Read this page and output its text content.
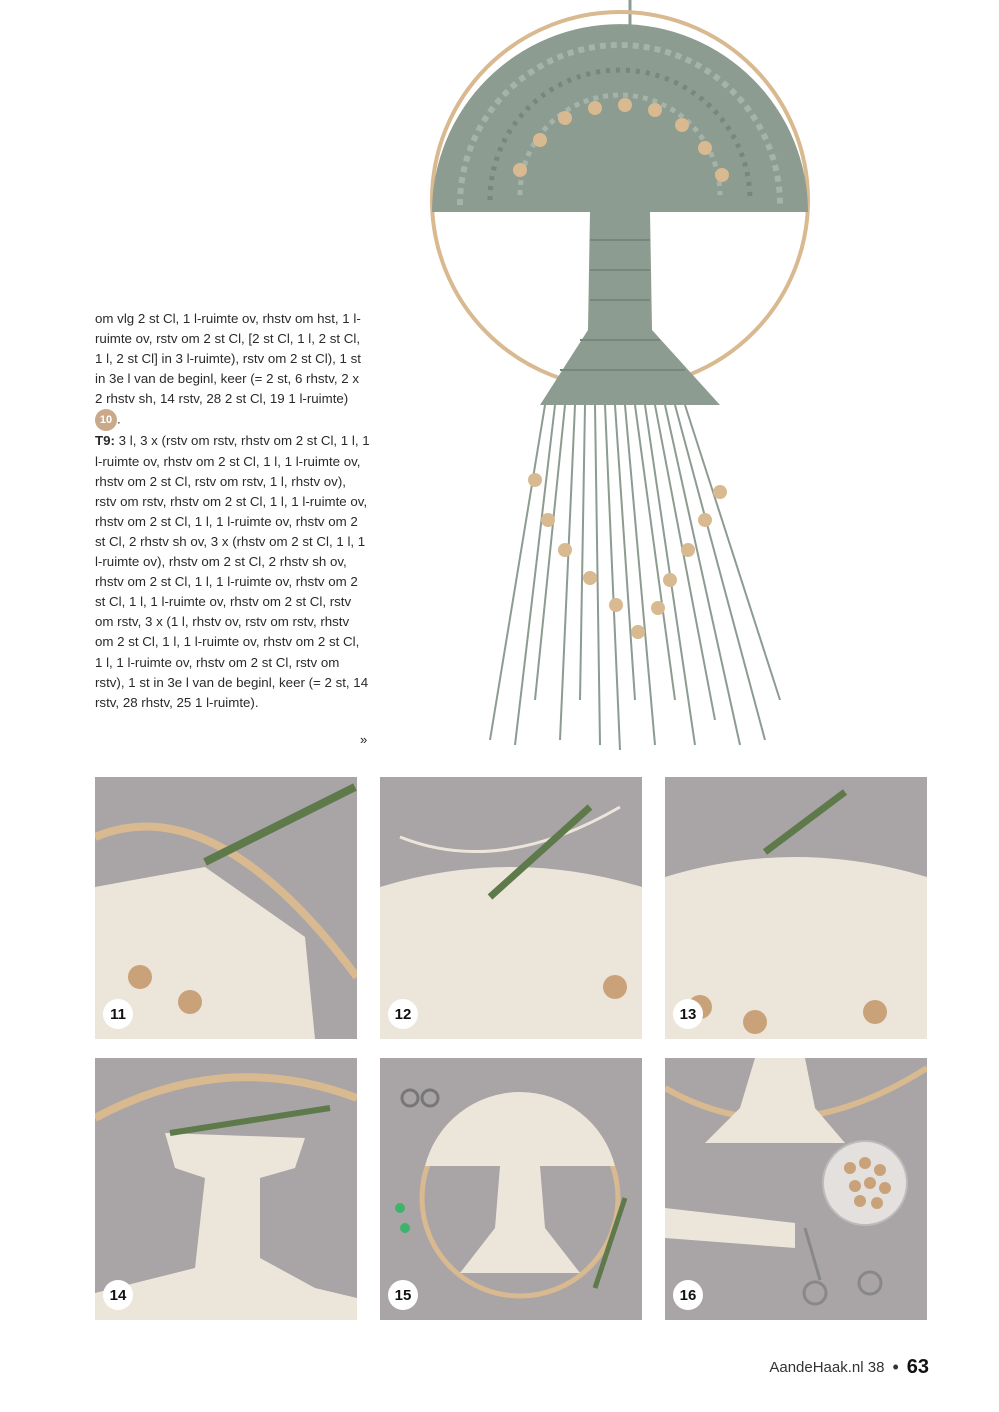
om vlg 2 st Cl, 1 l-ruimte ov, rhstv om hst, 1 l-ruimte ov, rstv om 2 st Cl, [2 st Cl, 1 l, 2 st Cl, 1 l, 2 st Cl] in 3 l-ruimte), rstv om 2 st Cl), 1 st in 3e l van de beginl, keer (= 2 st, 6 rhstv, 2 x 2 rhstv sh, 14 rstv, 28 2 st Cl, 19 1 l-ruimte) 10 .

T9: 3 l, 3 x (rstv om rstv, rhstv om 2 st Cl, 1 l, 1 l-ruimte ov, rhstv om 2 st Cl, 1 l, 1 l-ruimte ov, rhstv om 2 st Cl, rstv om rstv, 1 l, rhstv ov), rstv om rstv, rhstv om 2 st Cl, 1 l, 1 l-ruimte ov, rhstv om 2 st Cl, 1 l, 1 l-ruimte ov, rhstv om 2 st Cl, 2 rhstv sh ov, 3 x (rhstv om 2 st Cl, 1 l, 1 l-ruimte ov), rhstv om 2 st Cl, 2 rhstv sh ov, rhstv om 2 st Cl, 1 l, 1 l-ruimte ov, rhstv om 2 st Cl, 1 l, 1 l-ruimte ov, rhstv om 2 st Cl, rstv om rstv, 3 x (1 l, rhstv ov, rstv om rstv, rhstv om 2 st Cl, 1 l, 1 l-ruimte ov, rhstv om 2 st Cl, 1 l, 1 l-ruimte ov, rhstv om 2 st Cl, rstv om rstv), 1 st in 3e l van de beginl, keer (= 2 st, 14 rstv, 28 rhstv, 25 1 l-ruimte).

»
11	12	13
14	15	16
AandeHaak.nl 38 • 63
